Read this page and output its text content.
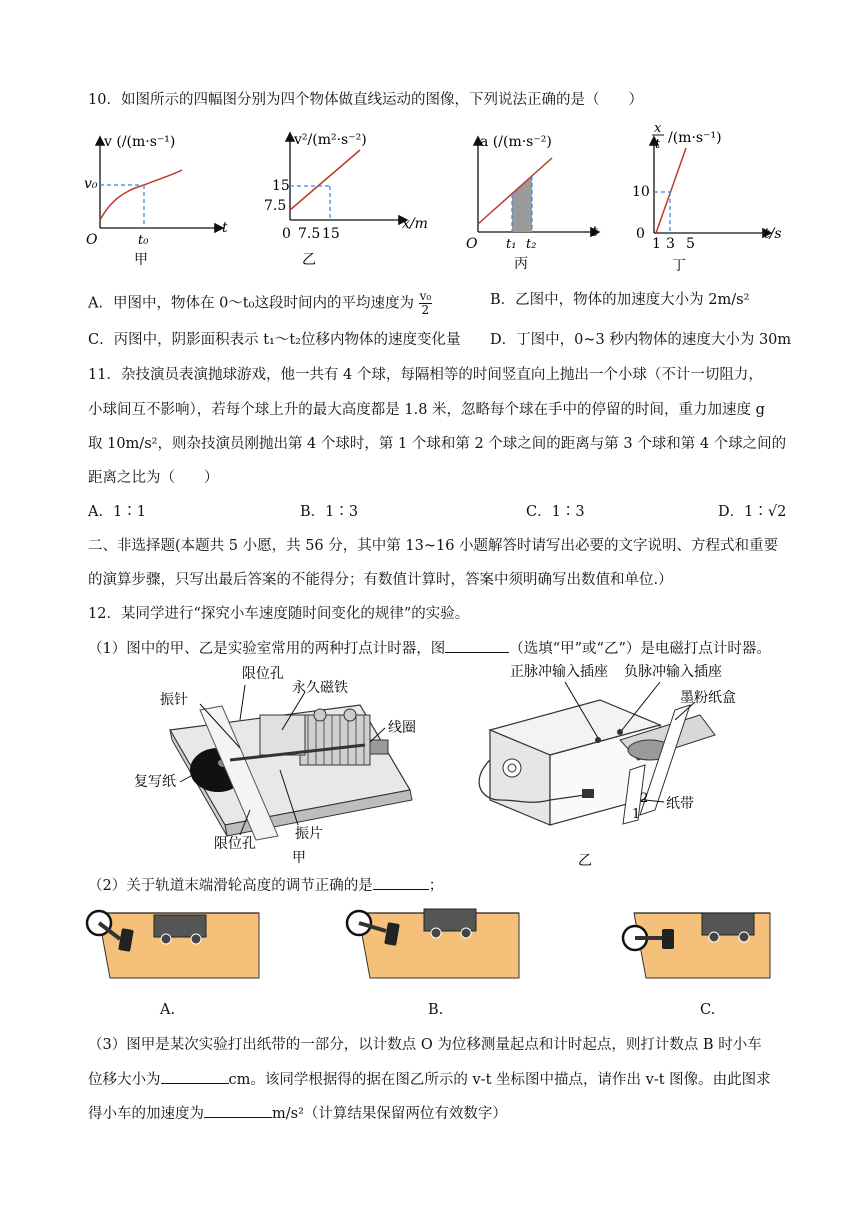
10．如图所示的四幅图分别为四个物体做直线运动的图像，下列说法正确的是（　　）
v (/(m·s⁻¹)
v₀
O	t₀
t
甲
v²/(m²·s⁻²)
15
7.5
0 7.5 15
x/m
乙
a (/(m·s⁻²)
O t₁ t₂
t
丙
x
t /(m·s⁻¹)
10
0
1 3 5
t/s
丁
A．甲图中，物体在 0～t₀这段时间内的平均速度为 $\frac{\text{v₀}}{2}$	B．乙图中，物体的加速度大小为 2m/s²
C．丙图中，阴影面积表示 t₁～t₂位移内物体的速度变化量 D．丁图中，0~3 秒内物体的速度大小为 30m
11．杂技演员表演抛球游戏，他一共有 4 个球，每隔相等的时间竖直向上抛出一个小球（不计一切阻力，
小球间互不影响），若每个球上升的最大高度都是 1.8 米，忽略每个球在手中的停留的时间，重力加速度 g
取 10m/s²，则杂技演员刚抛出第 4 个球时，第 1 个球和第 2 个球之间的距离与第 3 个球和第 4 个球之间的
距离之比为（　　）
A．1∶1	B．1∶3	C．1∶3	D．1∶√2
二、非选择题(本题共 5 小愿，共 56 分，其中第 13~16 小题解答时请写出必要的文字说明、方程式和重要
的演算步骤，只写出最后答案的不能得分；有数值计算时，答案中须明确写出数值和单位.）
12．某同学进行“探究小车速度随时间变化的规律”的实验。
（1）图中的甲、乙是实验室常用的两种打点计时器，图	（选填“甲”或“乙”）是电磁打点计时器。
限位孔
永久磁铁
振针
线圈
复写纸
振片
限位孔
甲
正脉冲输入插座 负脉冲输入插座
墨粉纸盒
纸带
2
1
乙
（2）关于轨道末端滑轮高度的调节正确的是	；
A.	B.	C.
（3）图甲是某次实验打出纸带的一部分，以计数点 O 为位移测量起点和计时起点，则打计数点 B 时小车
位移大小为	cm。该同学根据得的据在图乙所示的 v-t 坐标图中描点，请作出 v-t 图像。由此图求
得小车的加速度为	m/s²（计算结果保留两位有效数字）
